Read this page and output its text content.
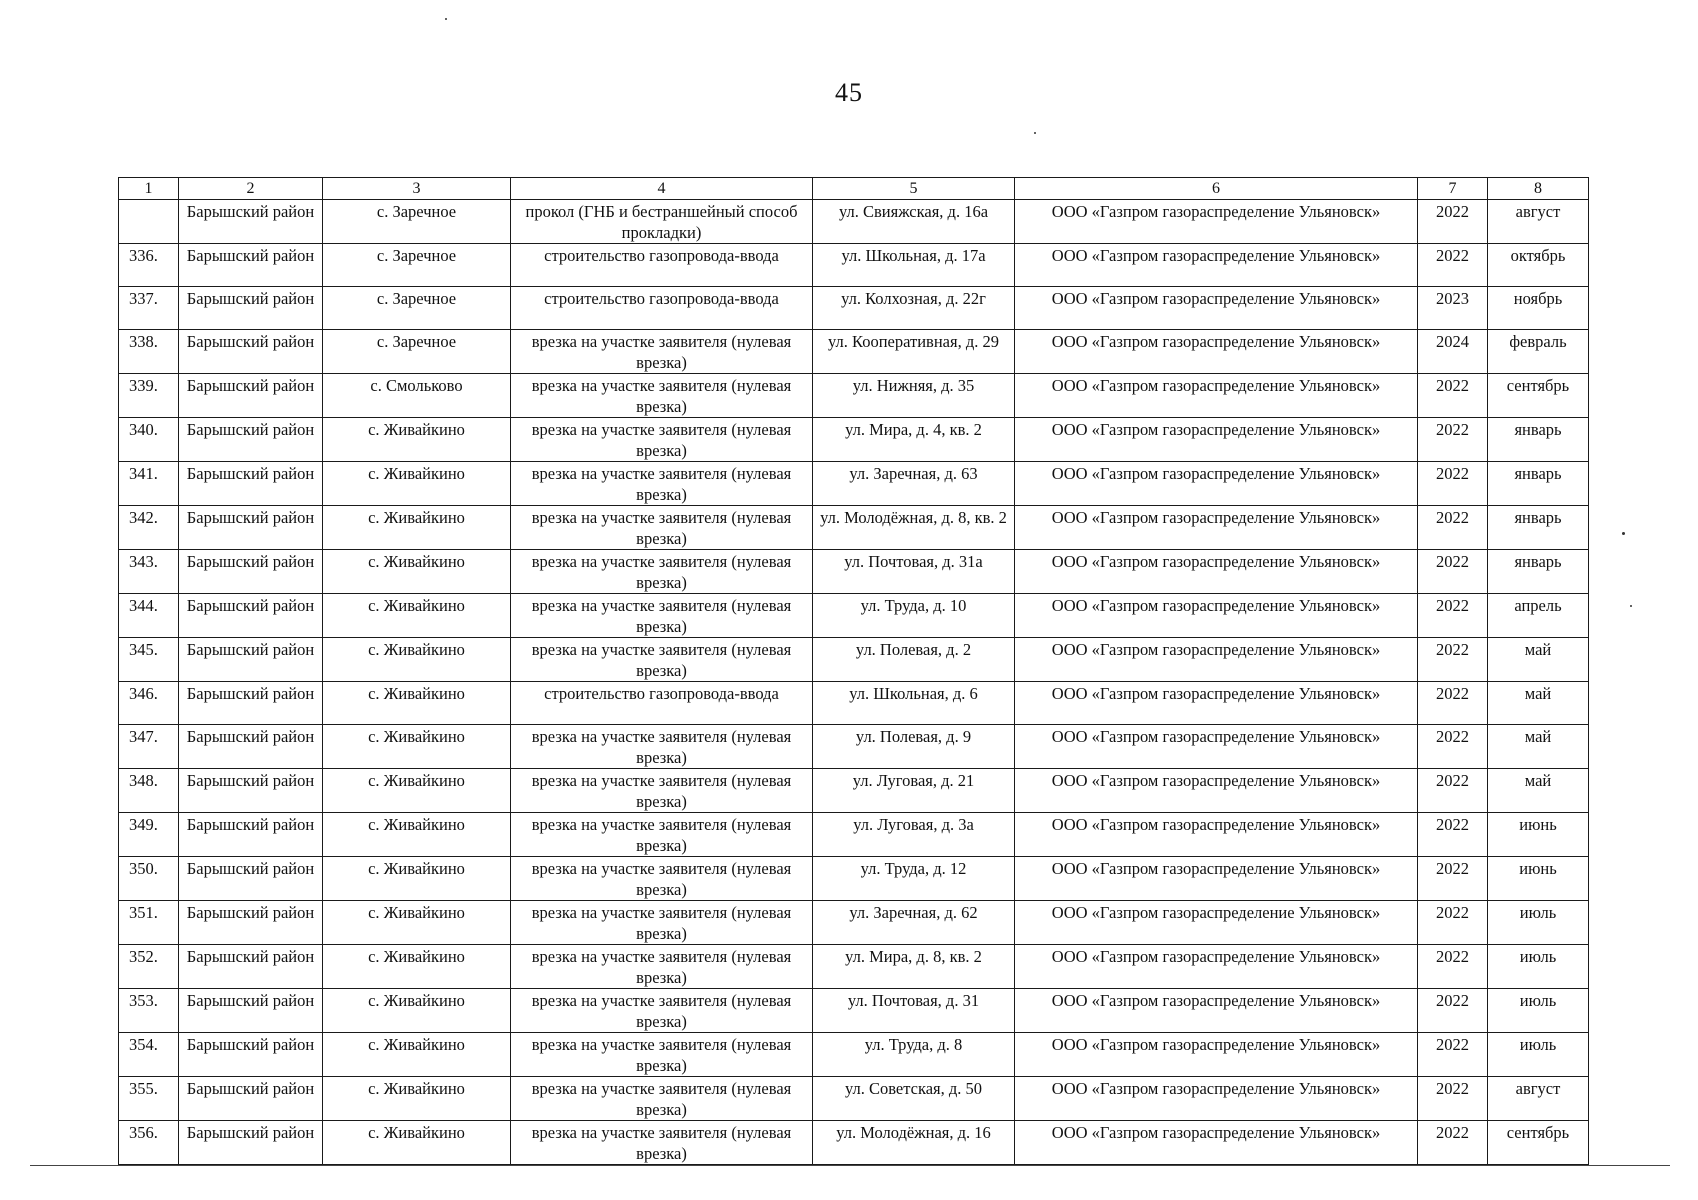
45
1	2	3	4	5	6	7	8
	Барышский район	с. Заречное	прокол (ГНБ и бестраншейный способ прокладки)	ул. Свияжская, д. 16а	ООО «Газпром газораспределение Ульяновск»	2022	август
336.	Барышский район	с. Заречное	строительство газопровода-ввода	ул. Школьная, д. 17а	ООО «Газпром газораспределение Ульяновск»	2022	октябрь
337.	Барышский район	с. Заречное	строительство газопровода-ввода	ул. Колхозная, д. 22г	ООО «Газпром газораспределение Ульяновск»	2023	ноябрь
338.	Барышский район	с. Заречное	врезка на участке заявителя (нулевая врезка)	ул. Кооперативная, д. 29	ООО «Газпром газораспределение Ульяновск»	2024	февраль
339.	Барышский район	с. Смольково	врезка на участке заявителя (нулевая врезка)	ул. Нижняя, д. 35	ООО «Газпром газораспределение Ульяновск»	2022	сентябрь
340.	Барышский район	с. Живайкино	врезка на участке заявителя (нулевая врезка)	ул. Мира, д. 4, кв. 2	ООО «Газпром газораспределение Ульяновск»	2022	январь
341.	Барышский район	с. Живайкино	врезка на участке заявителя (нулевая врезка)	ул. Заречная, д. 63	ООО «Газпром газораспределение Ульяновск»	2022	январь
342.	Барышский район	с. Живайкино	врезка на участке заявителя (нулевая врезка)	ул. Молодёжная, д. 8, кв. 2	ООО «Газпром газораспределение Ульяновск»	2022	январь
343.	Барышский район	с. Живайкино	врезка на участке заявителя (нулевая врезка)	ул. Почтовая, д. 31а	ООО «Газпром газораспределение Ульяновск»	2022	январь
344.	Барышский район	с. Живайкино	врезка на участке заявителя (нулевая врезка)	ул. Труда, д. 10	ООО «Газпром газораспределение Ульяновск»	2022	апрель
345.	Барышский район	с. Живайкино	врезка на участке заявителя (нулевая врезка)	ул. Полевая, д. 2	ООО «Газпром газораспределение Ульяновск»	2022	май
346.	Барышский район	с. Живайкино	строительство газопровода-ввода	ул. Школьная, д. 6	ООО «Газпром газораспределение Ульяновск»	2022	май
347.	Барышский район	с. Живайкино	врезка на участке заявителя (нулевая врезка)	ул. Полевая, д. 9	ООО «Газпром газораспределение Ульяновск»	2022	май
348.	Барышский район	с. Живайкино	врезка на участке заявителя (нулевая врезка)	ул. Луговая, д. 21	ООО «Газпром газораспределение Ульяновск»	2022	май
349.	Барышский район	с. Живайкино	врезка на участке заявителя (нулевая врезка)	ул. Луговая, д. 3а	ООО «Газпром газораспределение Ульяновск»	2022	июнь
350.	Барышский район	с. Живайкино	врезка на участке заявителя (нулевая врезка)	ул. Труда, д. 12	ООО «Газпром газораспределение Ульяновск»	2022	июнь
351.	Барышский район	с. Живайкино	врезка на участке заявителя (нулевая врезка)	ул. Заречная, д. 62	ООО «Газпром газораспределение Ульяновск»	2022	июль
352.	Барышский район	с. Живайкино	врезка на участке заявителя (нулевая врезка)	ул. Мира, д. 8, кв. 2	ООО «Газпром газораспределение Ульяновск»	2022	июль
353.	Барышский район	с. Живайкино	врезка на участке заявителя (нулевая врезка)	ул. Почтовая, д. 31	ООО «Газпром газораспределение Ульяновск»	2022	июль
354.	Барышский район	с. Живайкино	врезка на участке заявителя (нулевая врезка)	ул. Труда, д. 8	ООО «Газпром газораспределение Ульяновск»	2022	июль
355.	Барышский район	с. Живайкино	врезка на участке заявителя (нулевая врезка)	ул. Советская, д. 50	ООО «Газпром газораспределение Ульяновск»	2022	август
356.	Барышский район	с. Живайкино	врезка на участке заявителя (нулевая врезка)	ул. Молодёжная, д. 16	ООО «Газпром газораспределение Ульяновск»	2022	сентябрь
